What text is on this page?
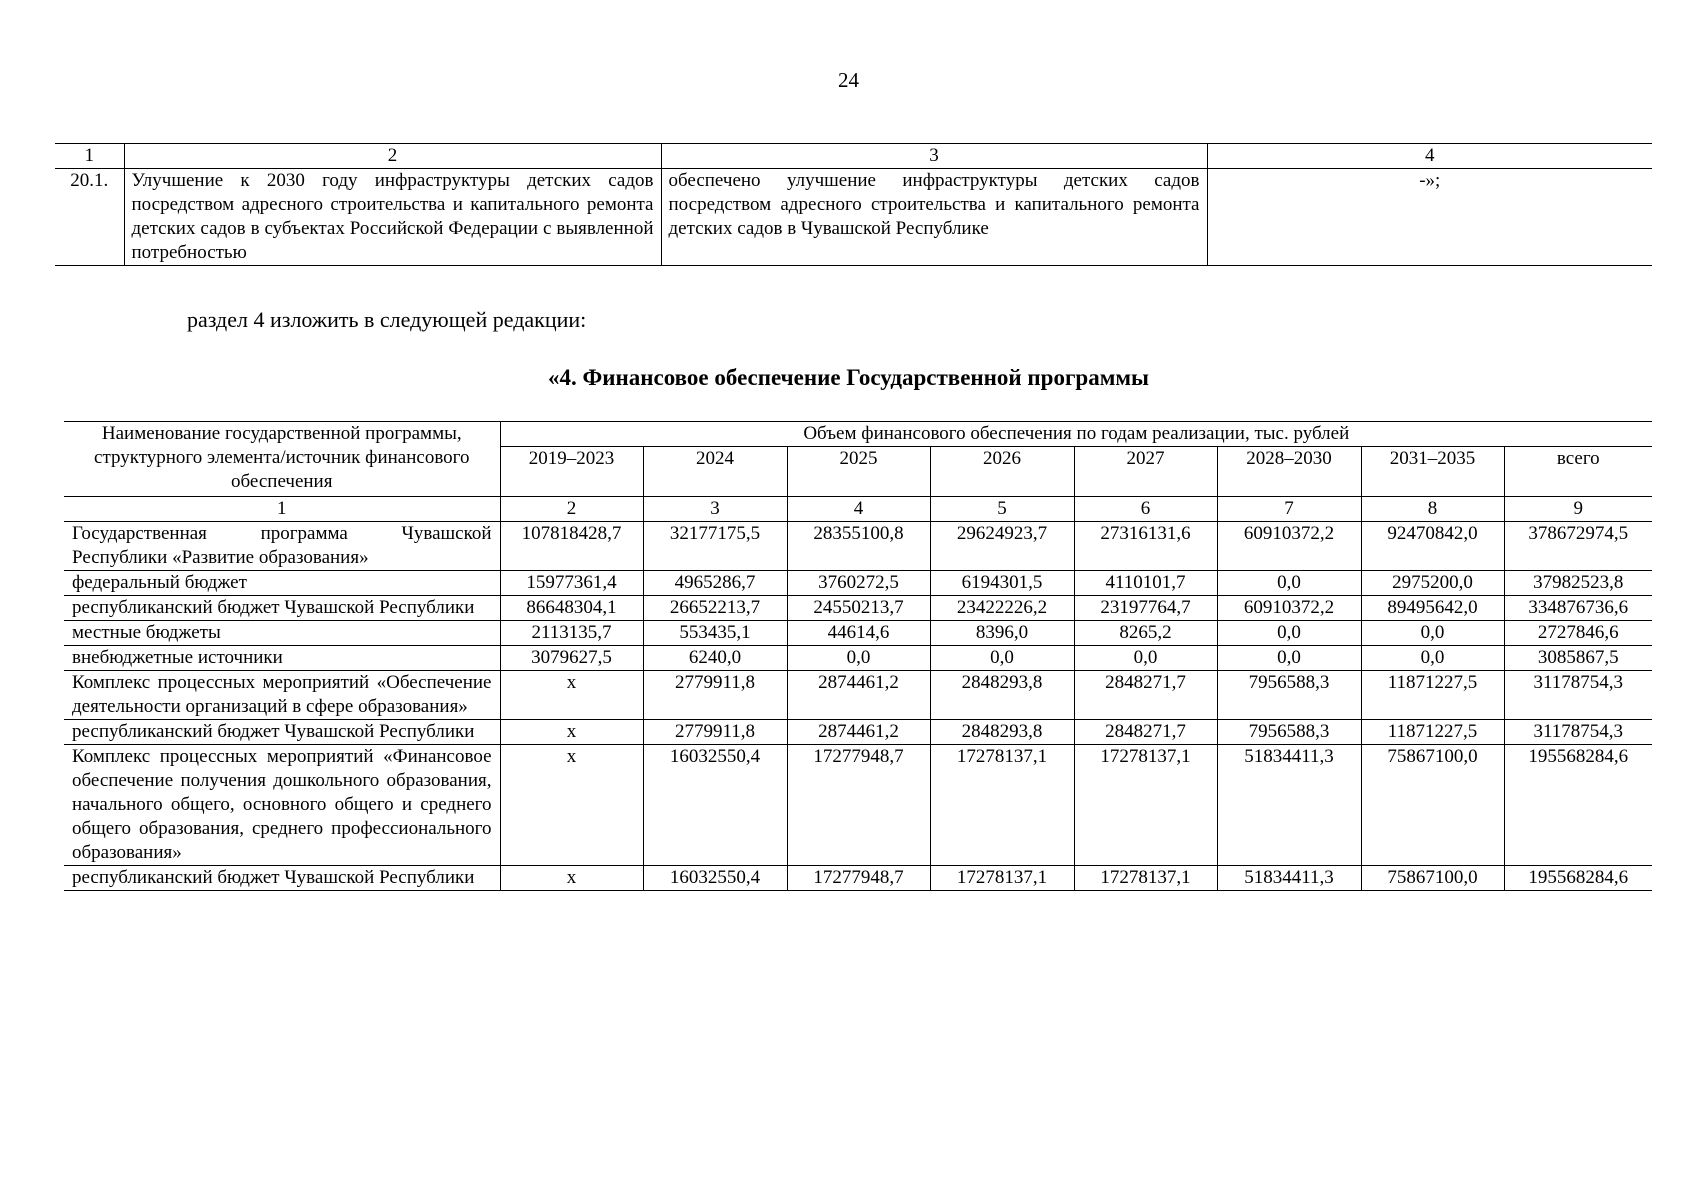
24
1	2	3	4
20.1.	Улучшение к 2030 году инфраструктуры детских садов посредством адресного строительства и капитального ремонта детских садов в субъектах Российской Федерации с выявленной потребностью	обеспечено улучшение инфраструктуры детских садов посредством адресного строительства и капитального ремонта детских садов в Чувашской Республике	-»;
раздел 4 изложить в следующей редакции:
«4. Финансовое обеспечение Государственной программы
Наименование государственной программы, структурного элемента/источник финансового обеспечения	Объем финансового обеспечения по годам реализации, тыс. рублей							
	2019–2023	2024	2025	2026	2027	2028–2030	2031–2035	всего
1	2	3	4	5	6	7	8	9
Государственная программа Чувашской Республики «Развитие образования»	107818428,7	32177175,5	28355100,8	29624923,7	27316131,6	60910372,2	92470842,0	378672974,5
федеральный бюджет	15977361,4	4965286,7	3760272,5	6194301,5	4110101,7	0,0	2975200,0	37982523,8
республиканский бюджет Чувашской Республики	86648304,1	26652213,7	24550213,7	23422226,2	23197764,7	60910372,2	89495642,0	334876736,6
местные бюджеты	2113135,7	553435,1	44614,6	8396,0	8265,2	0,0	0,0	2727846,6
внебюджетные источники	3079627,5	6240,0	0,0	0,0	0,0	0,0	0,0	3085867,5
Комплекс процессных мероприятий «Обеспечение деятельности организаций в сфере образования»	x	2779911,8	2874461,2	2848293,8	2848271,7	7956588,3	11871227,5	31178754,3
республиканский бюджет Чувашской Республики	x	2779911,8	2874461,2	2848293,8	2848271,7	7956588,3	11871227,5	31178754,3
Комплекс процессных мероприятий «Финансовое обеспечение получения дошкольного образования, начального общего, основного общего и среднего общего образования, среднего профессионального образования»	x	16032550,4	17277948,7	17278137,1	17278137,1	51834411,3	75867100,0	195568284,6
республиканский бюджет Чувашской Республики	x	16032550,4	17277948,7	17278137,1	17278137,1	51834411,3	75867100,0	195568284,6
